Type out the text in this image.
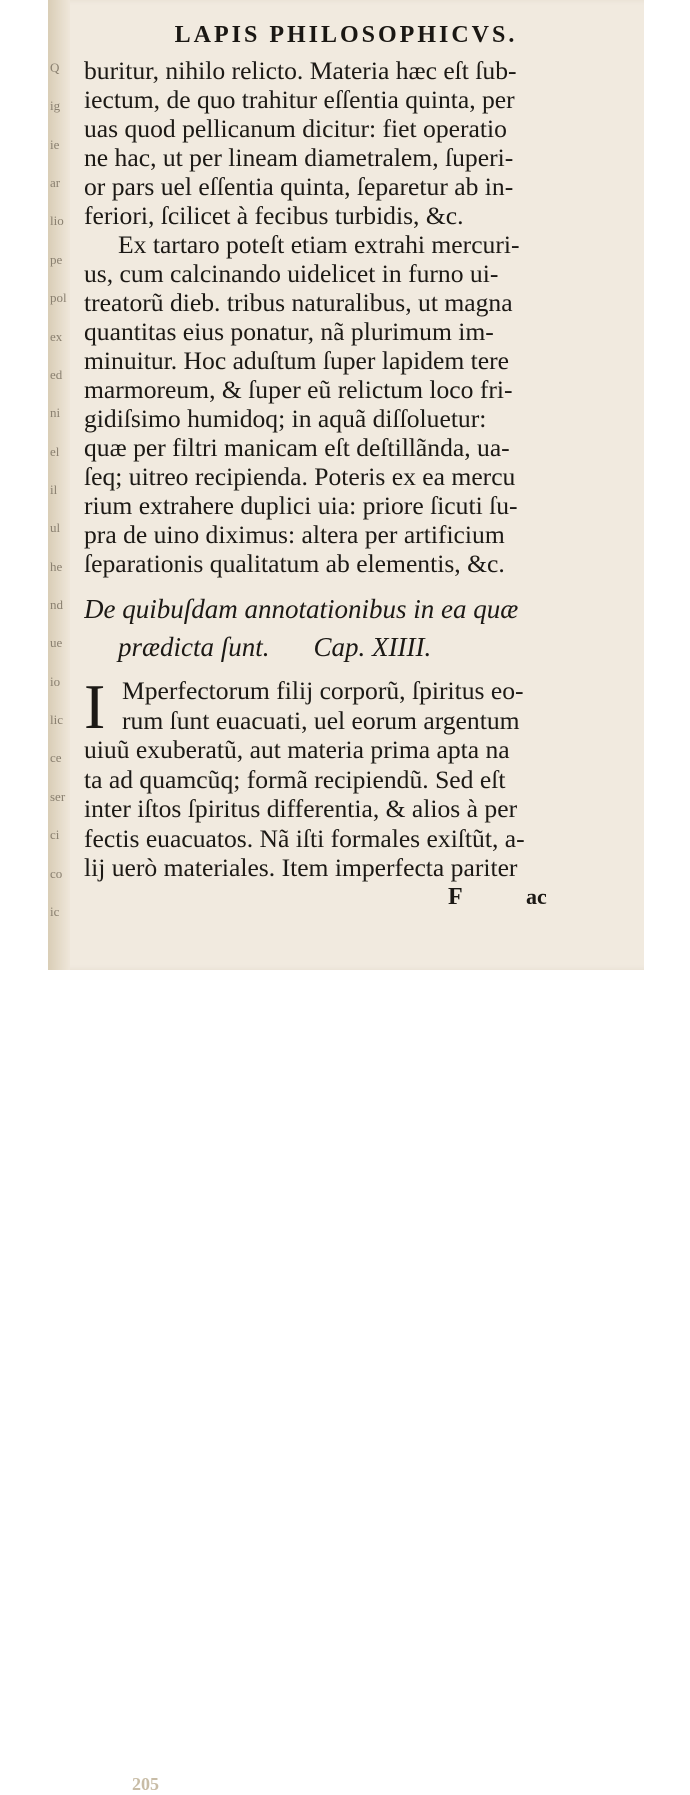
Q
ig
ie
ar
lio
pe
pol
ex
ed
ni
el
il
ul
he
nd
ue
io
lic
ce
ser
ci
co
ic
LAPIS PHILOSOPHICVS.
buritur, nihilo relicto. Materia hæc eſt ſub-
iectum, de quo trahitur eſſentia quinta, per
uas quod pellicanum dicitur: fiet operatio
ne hac, ut per lineam diametralem, ſuperi-
or pars uel eſſentia quinta, ſeparetur ab in-
feriori, ſcilicet à fecibus turbidis, &c.
Ex tartaro poteſt etiam extrahi mercuri-
us, cum calcinando uidelicet in furno ui-
treatorũ dieb. tribus naturalibus, ut magna
quantitas eius ponatur, nã plurimum im-
minuitur. Hoc aduſtum ſuper lapidem tere
marmoreum, & ſuper eũ relictum loco fri-
gidiſsimo humidoq; in aquã diſſoluetur:
quæ per filtri manicam eſt deſtillãnda, ua-
ſeq; uitreo recipienda. Poteris ex ea mercu
rium extrahere duplici uia: priore ſicuti ſu-
pra de uino diximus: altera per artificium
ſeparationis qualitatum ab elementis, &c.
De quibuſdam annotationibus in ea quæ
prædicta ſunt. Cap. XIIII.
I Mperfectorum filij corporũ, ſpiritus eo-
rum ſunt euacuati, uel eorum argentum
uiuũ exuberatũ, aut materia prima apta na
ta ad quamcũq; formã recipiendũ. Sed eſt
inter iſtos ſpiritus differentia, & alios à per
fectis euacuatos. Nã iſti formales exiſtũt, a-
lij uerò materiales. Item imperfecta pariter
205
F	ac
